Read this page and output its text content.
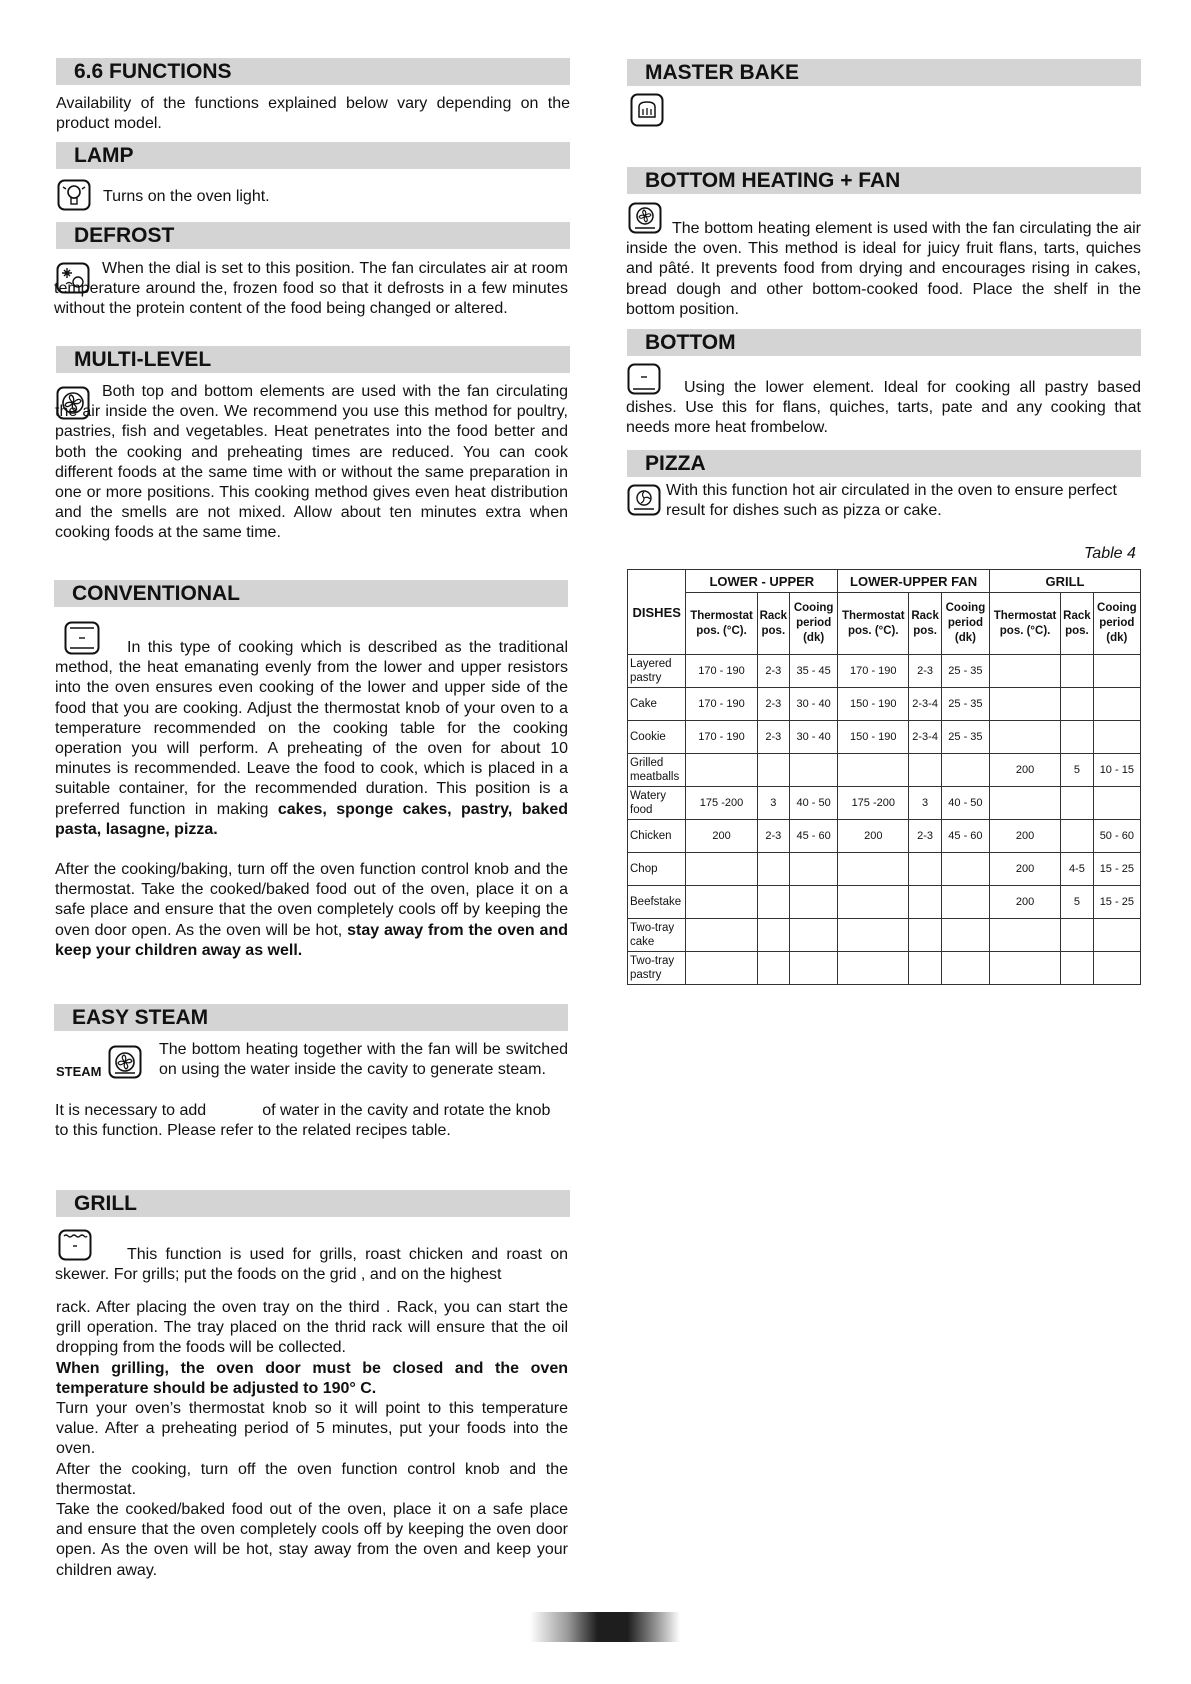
6.6 FUNCTIONS
Availability of the functions explained below vary depending on the product model.
LAMP
Turns on the oven light.
DEFROST
When the dial is set to this position. The fan circulates air at room temperature around the, frozen food so that it defrosts in a few minutes without the protein content of the food being changed or altered.
MULTI-LEVEL
Both top and bottom elements are used with the fan circulating the air inside the oven. We recommend you use this method for poultry, pastries, fish and vegetables. Heat penetrates into the food better and both the cooking and preheating times are reduced. You can cook different foods at the same time with or without the same preparation in one or more positions. This cooking method gives even heat distribution and the smells are not mixed. Allow about ten minutes extra when cooking foods at the same time.
CONVENTIONAL
In this type of cooking which is described as the traditional method, the heat emanating evenly from the lower and upper resistors into the oven ensures even cooking of the lower and upper side of the food that you are cooking. Adjust the thermostat knob of your oven to a temperature recommended on the cooking table for the cooking operation you will perform. A preheating of the oven for about 10 minutes is recommended. Leave the food to cook, which is placed in a suitable container, for the recommended duration. This position is a preferred function in making cakes, sponge cakes, pastry, baked pasta, lasagne, pizza.
After the cooking/baking, turn off the oven function control knob and the thermostat. Take the cooked/baked food out of the oven, place it on a safe place and ensure that the oven completely cools off by keeping the oven door open. As the oven will be hot, stay away from the oven and keep your children away as well.
EASY STEAM
STEAM
The bottom heating together with the fan will be switched on using the water inside the cavity to generate steam.
It is necessary to add	of water in the cavity and rotate the knob to this function. Please refer to the related recipes table.
GRILL
This function is used for grills, roast chicken and roast on skewer. For grills; put the foods on the grid , and on the highest
rack. After placing the oven tray on the third . Rack, you can start the grill operation. The tray placed on the thrid rack will ensure that the oil dropping from the foods will be collected.
When grilling, the oven door must be closed and the oven temperature should be adjusted to 190° C.
Turn your oven’s thermostat knob so it will point to this temperature value. After a preheating period of 5 minutes, put your foods into the oven.
After the cooking, turn off the oven function control knob and the thermostat.
Take the cooked/baked food out of the oven, place it on a safe place and ensure that the oven completely cools off by keeping the oven door open. As the oven will be hot, stay away from the oven and keep your children away.
MASTER BAKE
BOTTOM HEATING + FAN
The bottom heating element is used with the fan circulating the air inside the oven. This method is ideal for juicy fruit flans, tarts, quiches and pâté. It prevents food from drying and encourages rising in cakes, bread dough and other bottom-cooked food. Place the shelf in the bottom position.
BOTTOM
Using the lower element. Ideal for cooking all pastry based dishes. Use this for flans, quiches, tarts, pate and any cooking that needs more heat frombelow.
PIZZA
With this function hot air circulated in the oven to ensure perfect result for dishes such as pizza or cake.
Table 4
DISHES	LOWER - UPPER			LOWER-UPPER FAN			GRILL		
	Thermostat pos. (°C).	Rack pos.	Cooing period (dk)	Thermostat pos. (°C).	Rack pos.	Cooing period (dk)	Thermostat pos. (°C).	Rack pos.	Cooing period (dk)
Layered pastry	170 - 190	2-3	35 - 45	170 - 190	2-3	25 - 35			
Cake	170 - 190	2-3	30 - 40	150 - 190	2-3-4	25 - 35			
Cookie	170 - 190	2-3	30 - 40	150 - 190	2-3-4	25 - 35			
Grilled meatballs							200	5	10 - 15
Watery food	175 -200	3	40 - 50	175 -200	3	40 - 50			
Chicken	200	2-3	45 - 60	200	2-3	45 - 60	200		50 - 60
Chop							200	4-5	15 - 25
Beefstake							200	5	15 - 25
Two-tray cake									
Two-tray pastry									
